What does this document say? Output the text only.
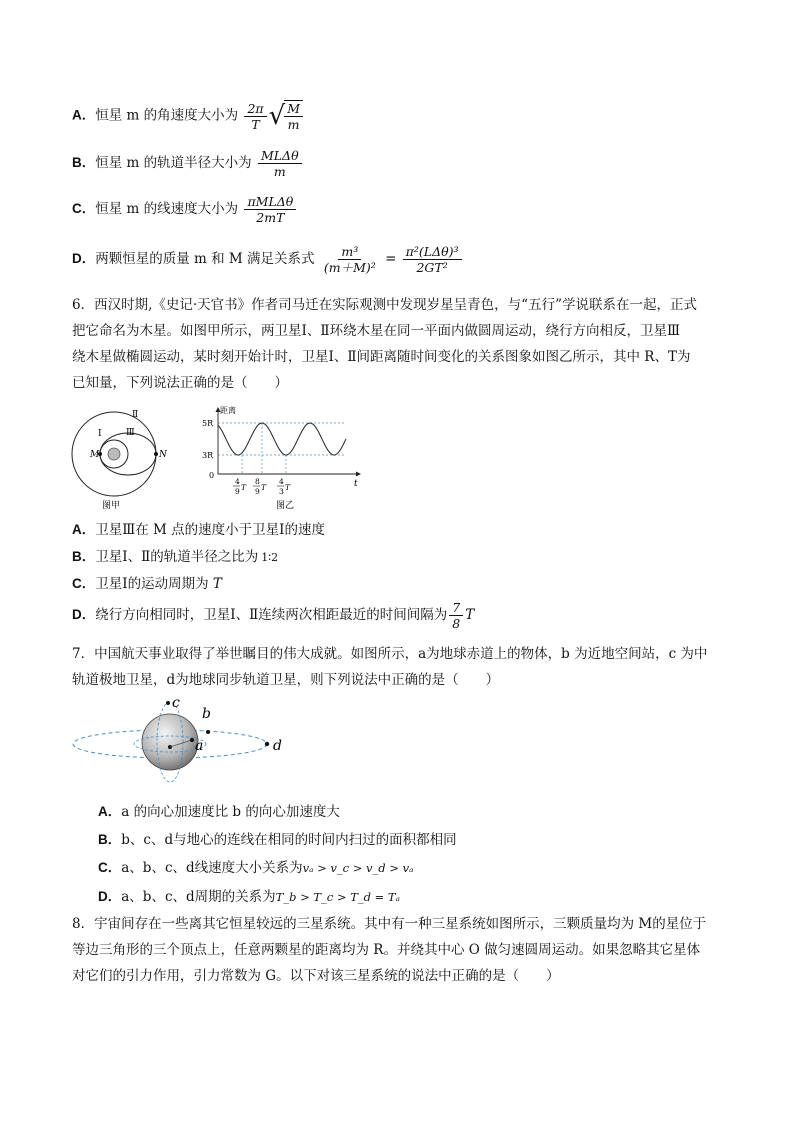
A．恒星 m 的角速度大小为 $\frac{2\pi}{T}$ √ $\frac{M}{m}$
B．恒星 m 的轨道半径大小为 $\frac{\text{MLΔθ}}{m}$
C．恒星 m 的线速度大小为 $\frac{\text{πMLΔθ}}{2mT}$
D．两颗恒星的质量 m 和 M 满足关系式 $\frac{\text{m³}}{\text{(m＋M)²}} = \frac{\text{π²(LΔθ)³}}{\text{2GT²}}$
6．西汉时期,《史记·天官书》作者司马迁在实际观测中发现岁星呈青色，与“五行”学说联系在一起，正式
把它命名为木星。如图甲所示，两卫星Ⅰ、Ⅱ环绕木星在同一平面内做圆周运动，绕行方向相反，卫星Ⅲ
绕木星做椭圆运动，某时刻开始计时，卫星Ⅰ、Ⅱ间距离随时间变化的关系图象如图乙所示，其中 R、T为
已知量，下列说法正确的是（　　）
Ⅰ
Ⅱ
Ⅲ
M	N
图甲
距离
5R
3R
0
t
4
9 T
8
9 T
4
3 T
图乙
A．卫星Ⅲ在 M 点的速度小于卫星Ⅰ的速度
B．卫星Ⅰ、Ⅱ的轨道半径之比为 1∶2
C．卫星Ⅰ的运动周期为 T
D．绕行方向相同时，卫星Ⅰ、Ⅱ连续两次相距最近的时间间隔为 $\frac{7}{8}$ T
7．中国航天事业取得了举世瞩目的伟大成就。如图所示，a为地球赤道上的物体，b 为近地空间站，c 为中
轨道极地卫星，d为地球同步轨道卫星，则下列说法中正确的是（　　）
a
b
c
d
A．a 的向心加速度比 b 的向心加速度大
B．b、c、d与地心的连线在相同的时间内扫过的面积都相同
C．a、b、c、d线速度大小关系为vₐ > v_c > v_d > vₐ
D．a、b、c、d周期的关系为T_b > T_c > T_d = Tₐ
8．宇宙间存在一些离其它恒星较远的三星系统。其中有一种三星系统如图所示，三颗质量均为 M的星位于
等边三角形的三个顶点上，任意两颗星的距离均为 R。并绕其中心 O 做匀速圆周运动。如果忽略其它星体
对它们的引力作用，引力常数为 G。以下对该三星系统的说法中正确的是（　　）
